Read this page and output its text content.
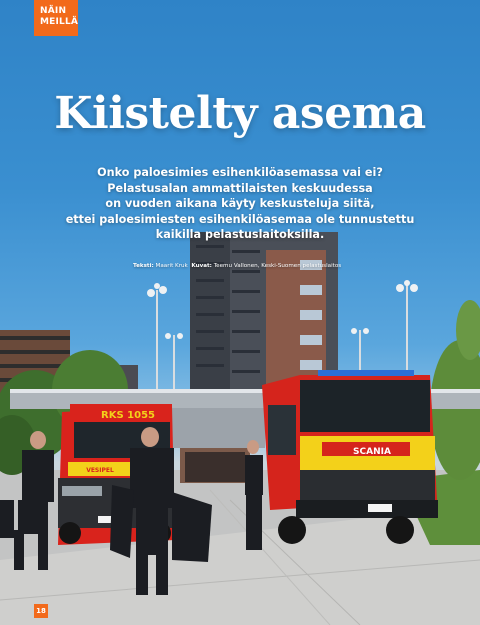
NÄIN
MEILLÄ
Kiistelty asema
Onko paloesimies esihenkilöasemassa vai ei?
Pelastusalan ammattilaisten keskuudessa
on vuoden aikana käyty keskusteluja siitä,
ettei paloesimiesten esihenkilöasemaa ole tunnustettu
kaikilla pelastuslaitoksilla.
Teksti: Maarit Kruk Kuvat: Teemu Vallonen, Keski-Suomen pelastuslaitos
RKS 1055
VESIPEL
SCANIA
18
